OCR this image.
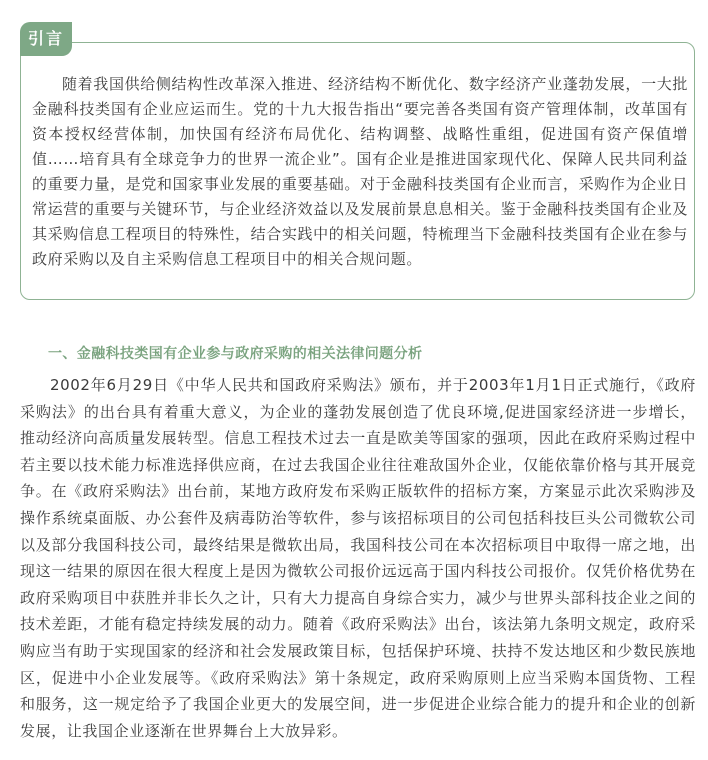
引言

随着我国供给侧结构性改革深入推进、经济结构不断优化、数字经济产业蓬勃发展，一大批金融科技类国有企业应运而生。党的十九大报告指出“要完善各类国有资产管理体制，改革国有资本授权经营体制，加快国有经济布局优化、结构调整、战略性重组，促进国有资产保值增值……培育具有全球竞争力的世界一流企业”。国有企业是推进国家现代化、保障人民共同利益的重要力量，是党和国家事业发展的重要基础。对于金融科技类国有企业而言，采购作为企业日常运营的重要与关键环节，与企业经济效益以及发展前景息息相关。鉴于金融科技类国有企业及其采购信息工程项目的特殊性，结合实践中的相关问题，特梳理当下金融科技类国有企业在参与政府采购以及自主采购信息工程项目中的相关合规问题。

一、金融科技类国有企业参与政府采购的相关法律问题分析

2002年6月29日《中华人民共和国政府采购法》颁布，并于2003年1月1日正式施行，《政府采购法》的出台具有着重大意义，为企业的蓬勃发展创造了优良环境,促进国家经济进一步增长，推动经济向高质量发展转型。信息工程技术过去一直是欧美等国家的强项，因此在政府采购过程中若主要以技术能力标准选择供应商，在过去我国企业往往难敌国外企业，仅能依靠价格与其开展竞争。在《政府采购法》出台前，某地方政府发布采购正版软件的招标方案，方案显示此次采购涉及操作系统桌面版、办公套件及病毒防治等软件，参与该招标项目的公司包括科技巨头公司微软公司以及部分我国科技公司，最终结果是微软出局，我国科技公司在本次招标项目中取得一席之地，出现这一结果的原因在很大程度上是因为微软公司报价远远高于国内科技公司报价。仅凭价格优势在政府采购项目中获胜并非长久之计，只有大力提高自身综合实力，减少与世界头部科技企业之间的技术差距，才能有稳定持续发展的动力。随着《政府采购法》出台，该法第九条明文规定，政府采购应当有助于实现国家的经济和社会发展政策目标，包括保护环境、扶持不发达地区和少数民族地区，促进中小企业发展等。《政府采购法》第十条规定，政府采购原则上应当采购本国货物、工程和服务，这一规定给予了我国企业更大的发展空间，进一步促进企业综合能力的提升和企业的创新发展，让我国企业逐渐在世界舞台上大放异彩。
